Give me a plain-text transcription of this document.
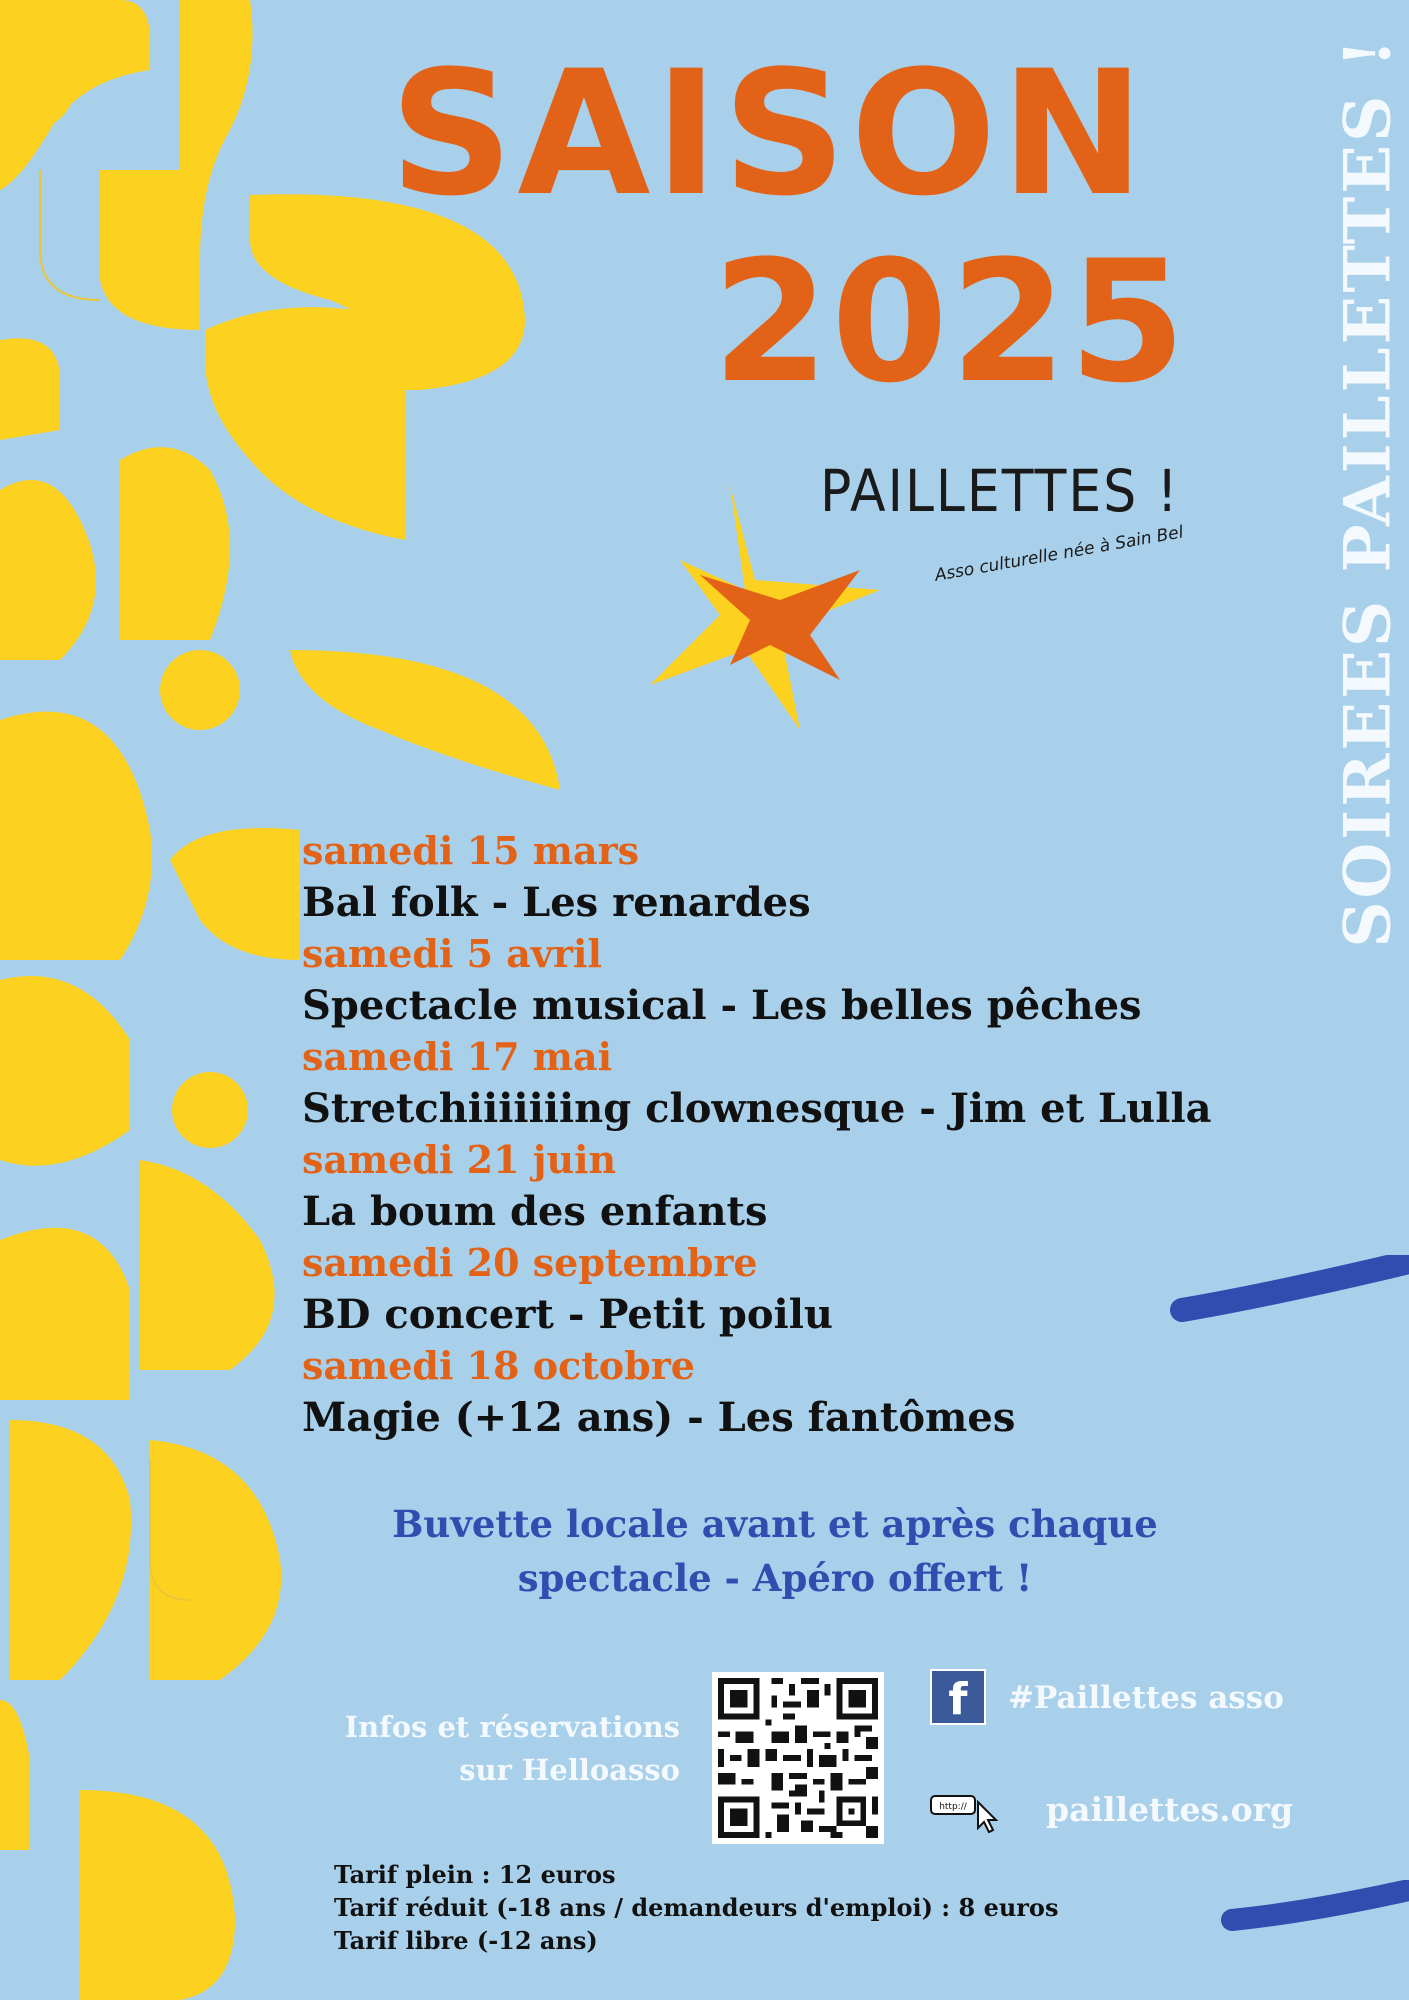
SAISON
2025	SOIREES PAILLETTES !
PAILLETTES !
Asso culturelle née à Sain Bel
samedi 15 mars
Bal folk - Les renardes
samedi 5 avril
Spectacle musical - Les belles pêches
samedi 17 mai
Stretchiiiiiiing clownesque - Jim et Lulla
samedi 21 juin
La boum des enfants
samedi 20 septembre
BD concert - Petit poilu
samedi 18 octobre
Magie (+12 ans) - Les fantômes
Buvette locale avant et après chaque
spectacle - Apéro offert !
Infos et réservations
sur Helloasso
f	#Paillettes asso
http:// paillettes.org
Tarif plein : 12 euros
Tarif réduit (-18 ans / demandeurs d'emploi) : 8 euros
Tarif libre (-12 ans)
